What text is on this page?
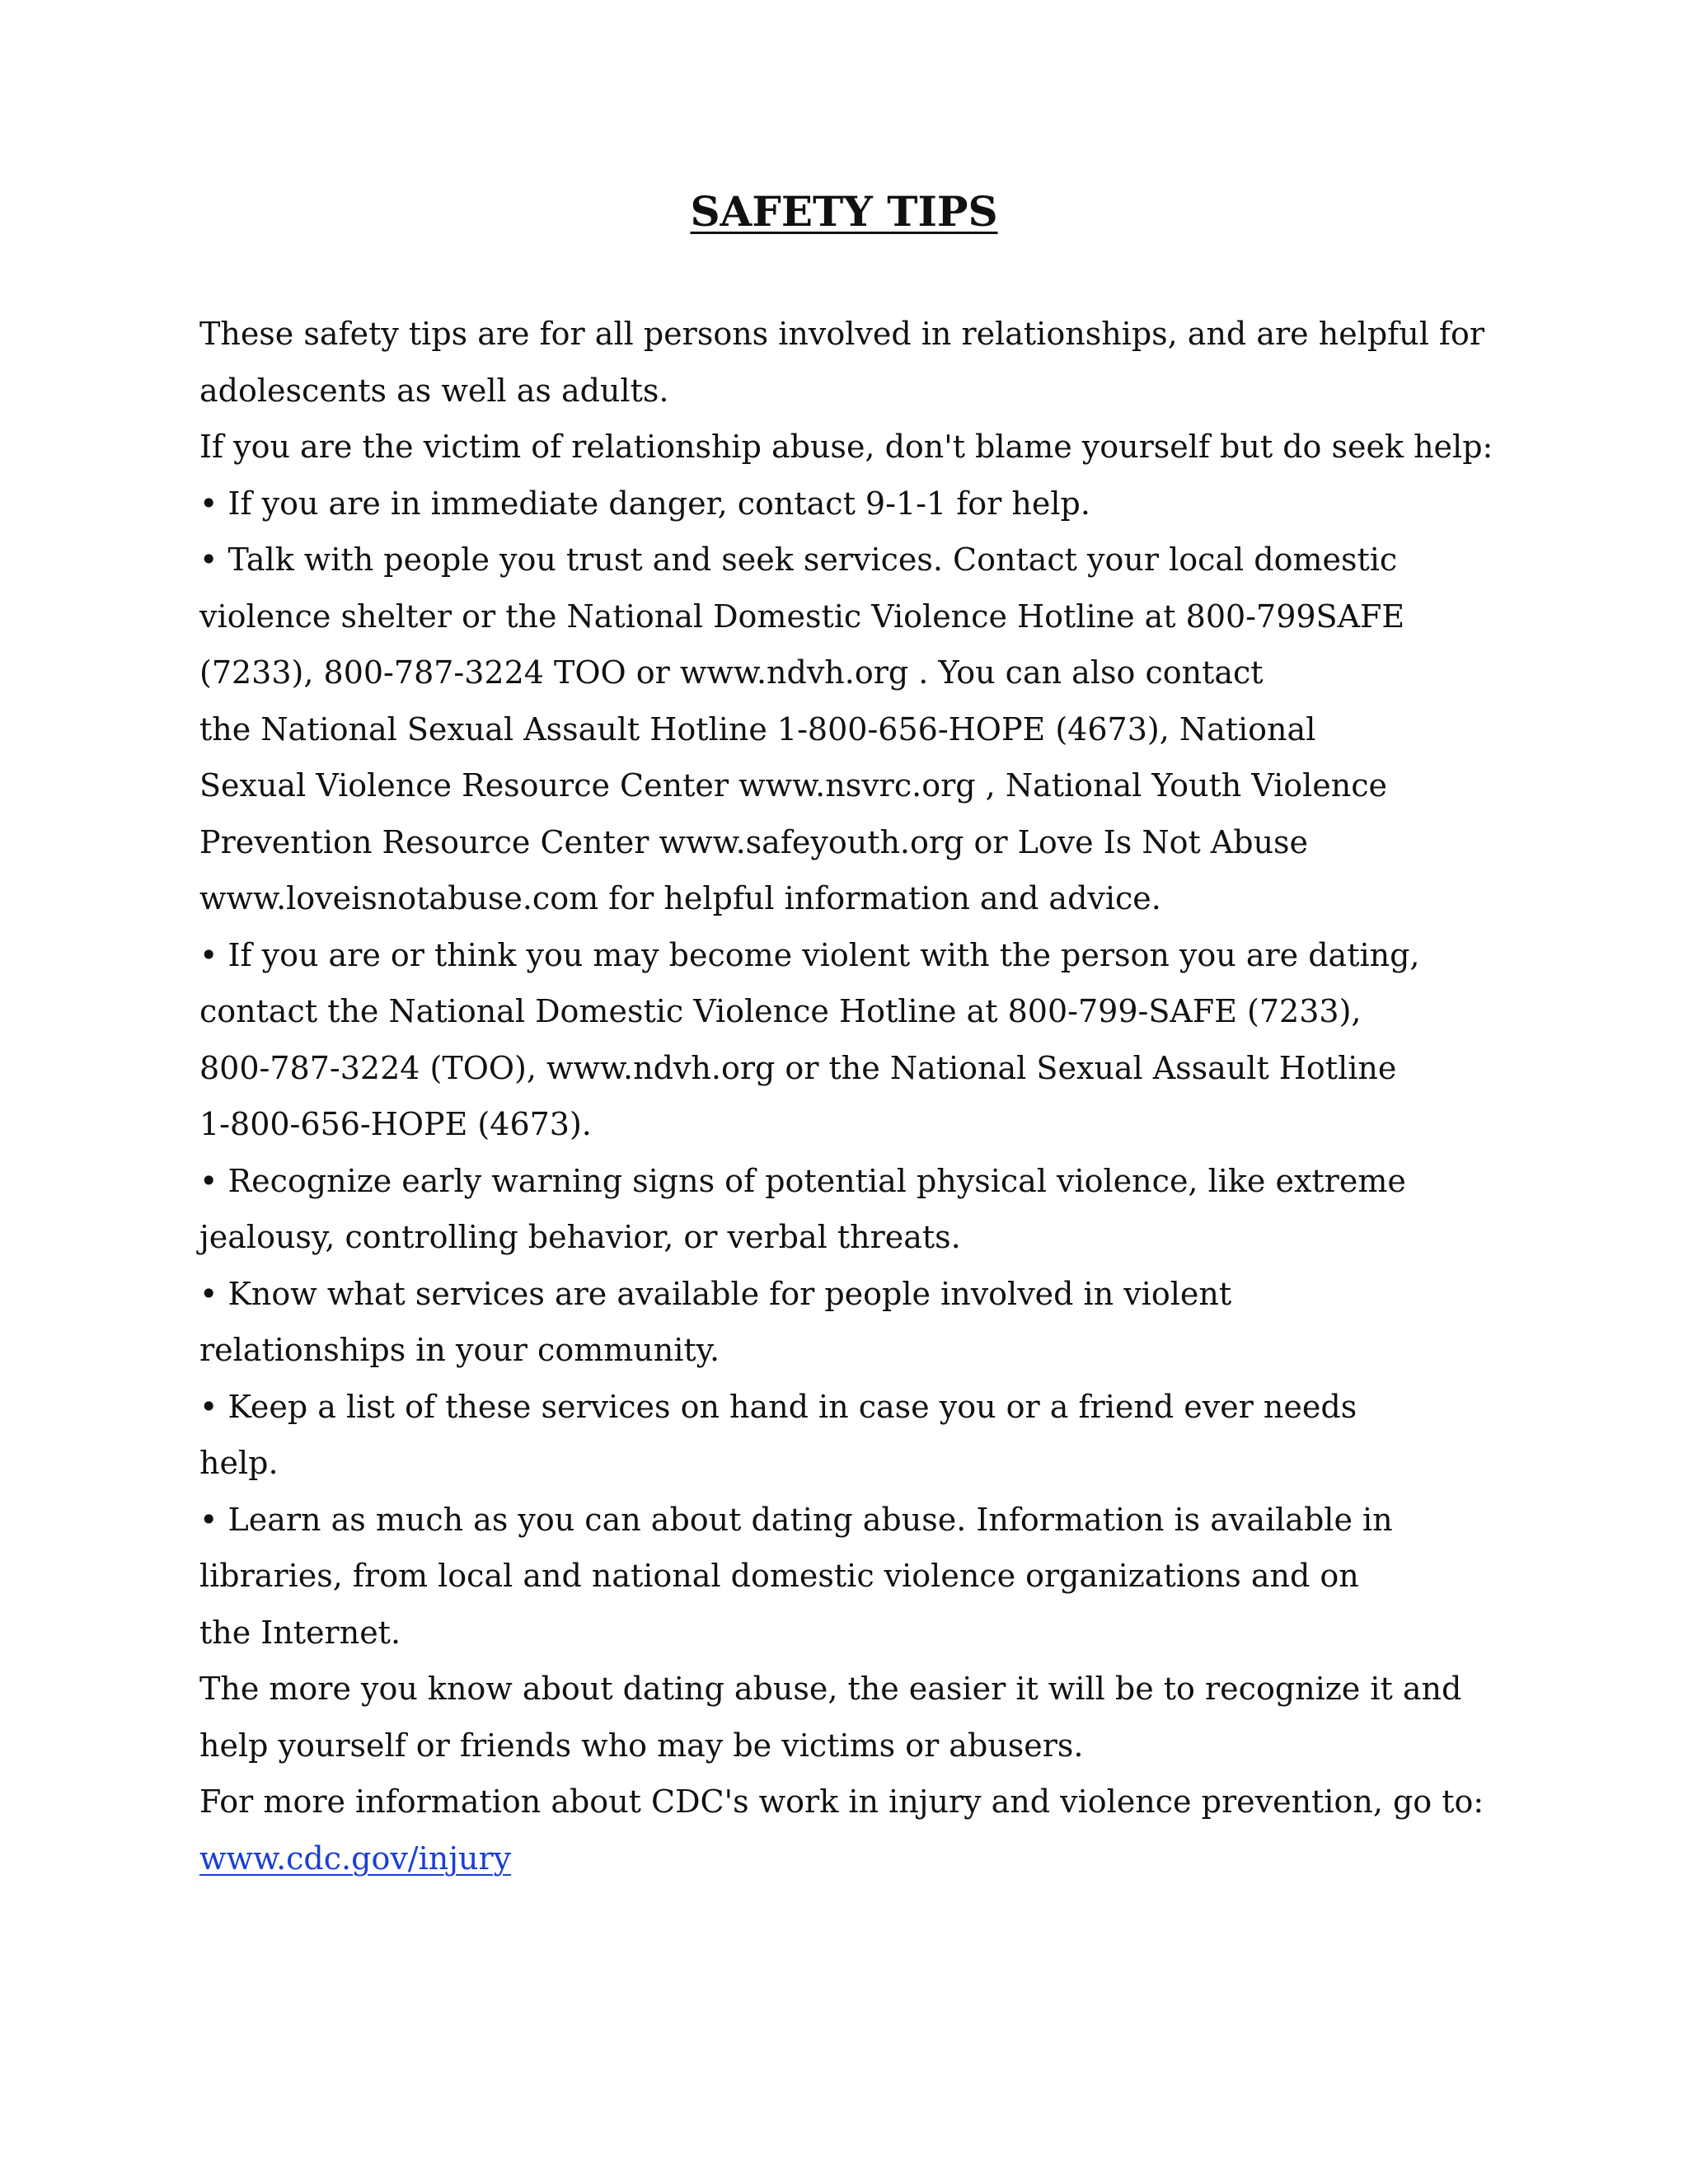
SAFETY TIPS
These safety tips are for all persons involved in relationships, and are helpful for
adolescents as well as adults.
If you are the victim of relationship abuse, don't blame yourself but do seek help:
• If you are in immediate danger, contact 9-1-1 for help.
• Talk with people you trust and seek services. Contact your local domestic
violence shelter or the National Domestic Violence Hotline at 800-799SAFE
(7233), 800-787-3224 TOO or www.ndvh.org . You can also contact
the National Sexual Assault Hotline 1-800-656-HOPE (4673), National
Sexual Violence Resource Center www.nsvrc.org , National Youth Violence
Prevention Resource Center www.safeyouth.org or Love Is Not Abuse
www.loveisnotabuse.com for helpful information and advice.
• If you are or think you may become violent with the person you are dating,
contact the National Domestic Violence Hotline at 800-799-SAFE (7233),
800-787-3224 (TOO), www.ndvh.org or the National Sexual Assault Hotline
1-800-656-HOPE (4673).
• Recognize early warning signs of potential physical violence, like extreme
jealousy, controlling behavior, or verbal threats.
• Know what services are available for people involved in violent
relationships in your community.
• Keep a list of these services on hand in case you or a friend ever needs
help.
• Learn as much as you can about dating abuse. Information is available in
libraries, from local and national domestic violence organizations and on
the Internet.
The more you know about dating abuse, the easier it will be to recognize it and
help yourself or friends who may be victims or abusers.
For more information about CDC's work in injury and violence prevention, go to:
www.cdc.gov/injury
